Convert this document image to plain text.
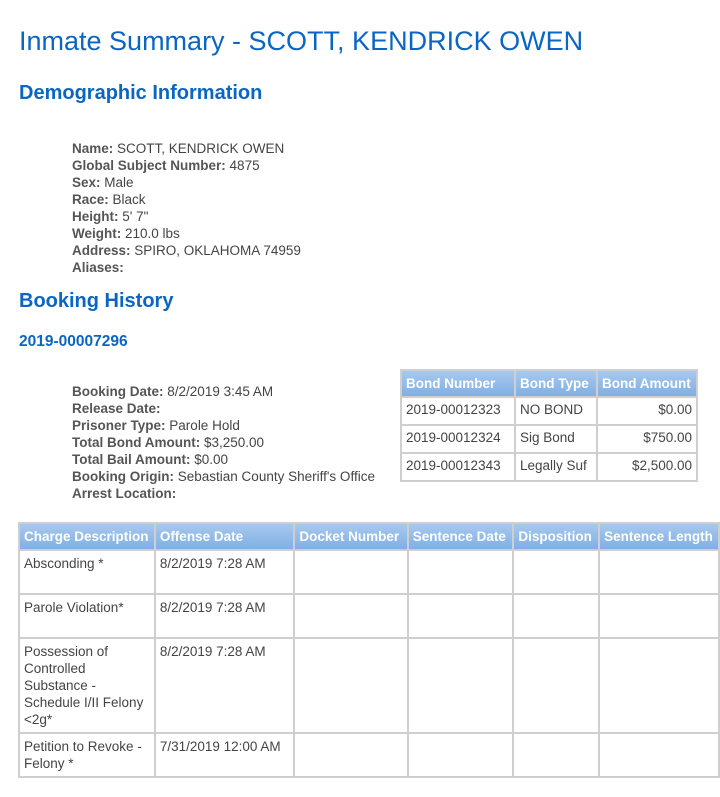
Inmate Summary - SCOTT, KENDRICK OWEN
Demographic Information
Name: SCOTT, KENDRICK OWEN
Global Subject Number: 4875
Sex: Male
Race: Black
Height: 5' 7"
Weight: 210.0 lbs
Address: SPIRO, OKLAHOMA 74959
Aliases:
Booking History
2019-00007296
Booking Date: 8/2/2019 3:45 AM
Release Date:
Prisoner Type: Parole Hold
Total Bond Amount: $3,250.00
Total Bail Amount: $0.00
Booking Origin: Sebastian County Sheriff's Office
Arrest Location:
Bond Number	Bond Type	Bond Amount
2019-00012323	NO BOND	$0.00
2019-00012324	Sig Bond	$750.00
2019-00012343	Legally Suf	$2,500.00
Charge Description	Offense Date	Docket Number	Sentence Date	Disposition	Sentence Length
Absconding *	8/2/2019 7:28 AM				
Parole Violation*	8/2/2019 7:28 AM				
Possession of Controlled Substance - Schedule I/II Felony <2g*	8/2/2019 7:28 AM				
Petition to Revoke - Felony *	7/31/2019 12:00 AM				
